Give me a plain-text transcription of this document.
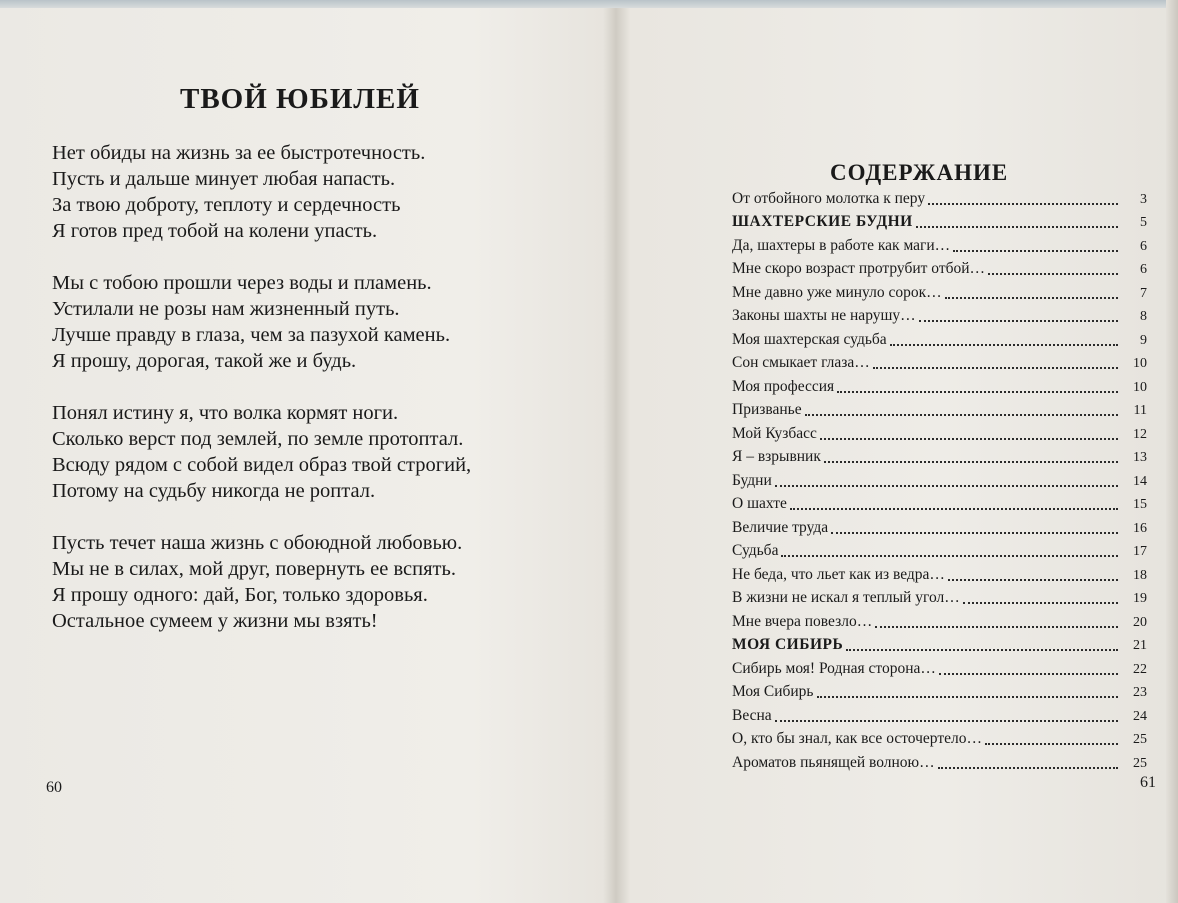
ТВОЙ ЮБИЛЕЙ
Нет обиды на жизнь за ее быстротечность.
Пусть и дальше минует любая напасть.
За твою доброту, теплоту и сердечность
Я готов пред тобой на колени упасть.
Мы с тобою прошли через воды и пламень.
Устилали не розы нам жизненный путь.
Лучше правду в глаза, чем за пазухой камень.
Я прошу, дорогая, такой же и будь.
Понял истину я, что волка кормят ноги.
Сколько верст под землей, по земле протоптал.
Всюду рядом с собой видел образ твой строгий,
Потому на судьбу никогда не роптал.
Пусть течет наша жизнь с обоюдной любовью.
Мы не в силах, мой друг, повернуть ее вспять.
Я прошу одного: дай, Бог, только здоровья.
Остальное сумеем у жизни мы взять!
60
СОДЕРЖАНИЕ
От отбойного молотка к перу	3
ШАХТЕРСКИЕ БУДНИ	5
Да, шахтеры в работе как маги…	6
Мне скоро возраст протрубит отбой…	6
Мне давно уже минуло сорок…	7
Законы шахты не нарушу…	8
Моя шахтерская судьба	9
Сон смыкает глаза…	10
Моя профессия	10
Призванье	11
Мой Кузбасс	12
Я – взрывник	13
Будни	14
О шахте	15
Величие труда	16
Судьба	17
Не беда, что льет как из ведра…	18
В жизни не искал я теплый угол…	19
Мне вчера повезло…	20
МОЯ СИБИРЬ	21
Сибирь моя! Родная сторона…	22
Моя Сибирь	23
Весна	24
О, кто бы знал, как все осточертело…	25
Ароматов пьянящей волною…	25
61
